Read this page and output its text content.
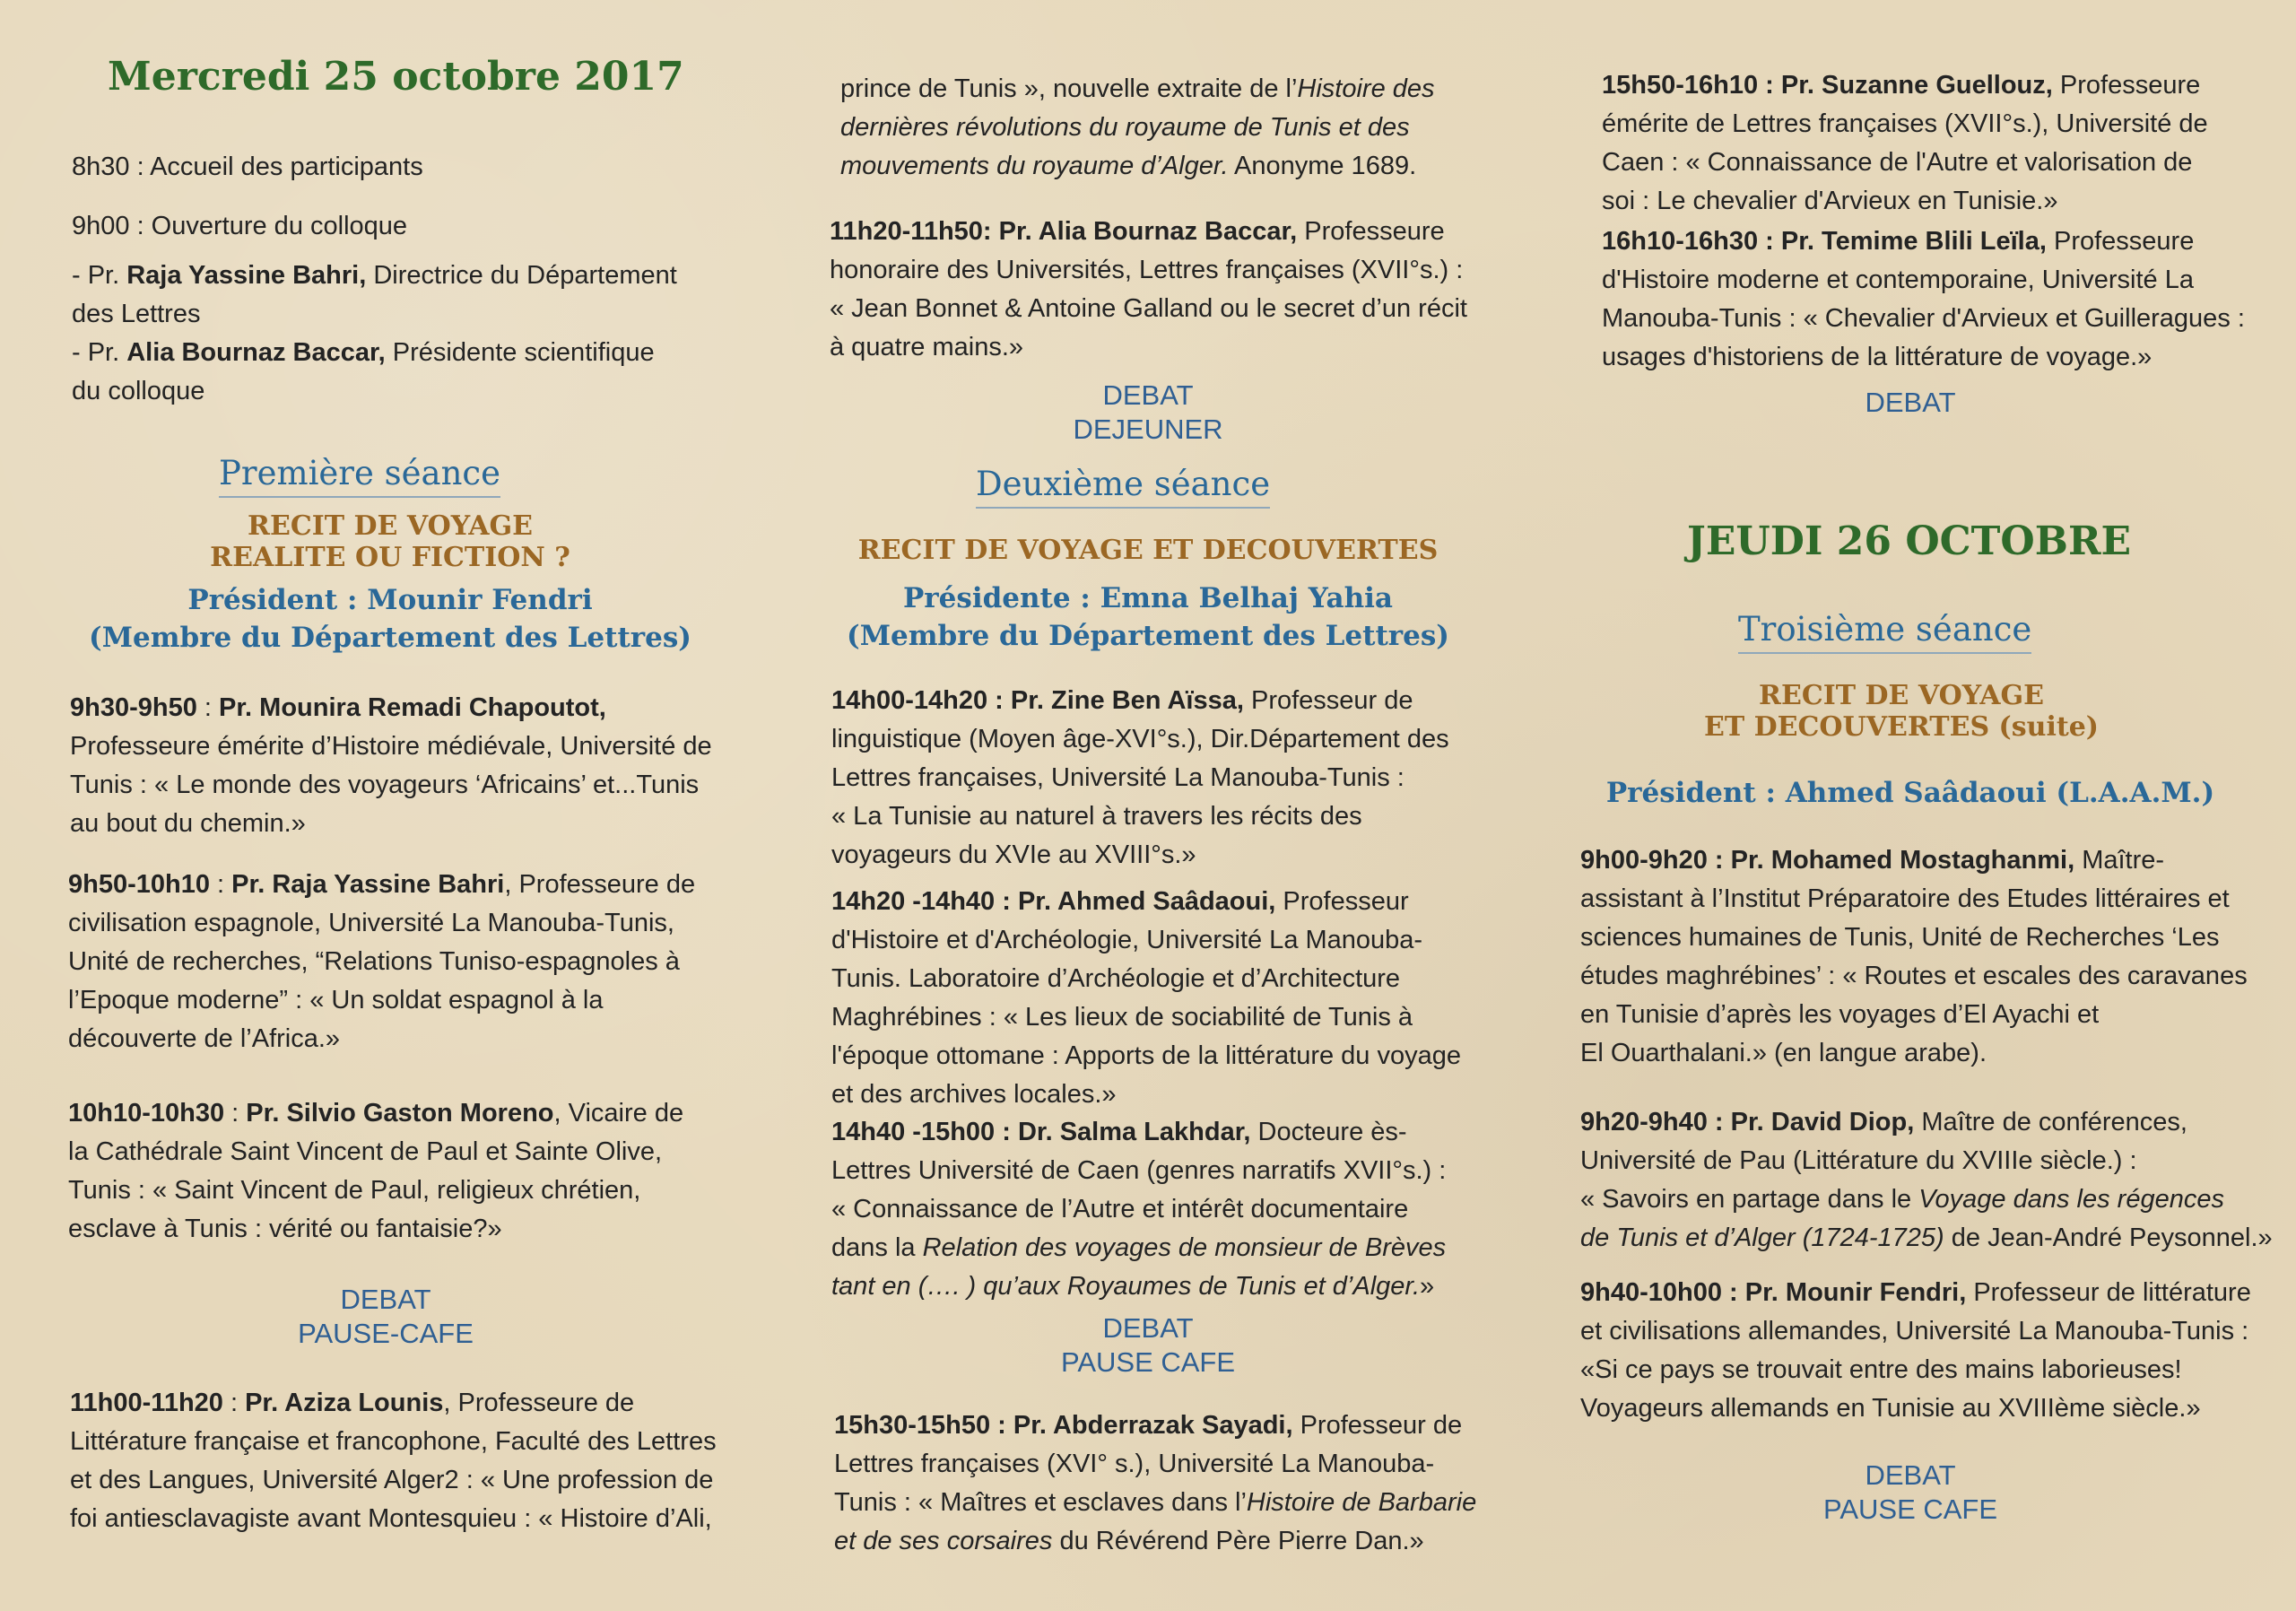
Mercredi 25 octobre 2017

8h30 : Accueil des participants

9h00 : Ouverture du colloque

- Pr. Raja Yassine Bahri, Directrice du Département
des Lettres
- Pr. Alia Bournaz Baccar, Présidente scientifique
du colloque

Première séance
RECIT DE VOYAGE
REALITE OU FICTION ?
Président : Mounir Fendri
(Membre du Département des Lettres)

9h30-9h50 : Pr. Mounira Remadi Chapoutot,
Professeure émérite d’Histoire médiévale, Université de
Tunis : « Le monde des voyageurs ‘Africains’ et...Tunis
au bout du chemin.»

9h50-10h10 : Pr. Raja Yassine Bahri, Professeure de
civilisation espagnole, Université La Manouba-Tunis,
Unité de recherches, “Relations Tuniso-espagnoles à
l’Epoque moderne” : « Un soldat espagnol à la
découverte de l’Africa.»

10h10-10h30 : Pr. Silvio Gaston Moreno, Vicaire de
la Cathédrale Saint Vincent de Paul et Sainte Olive,
Tunis : « Saint Vincent de Paul, religieux chrétien,
esclave à Tunis : vérité ou fantaisie?»

DEBAT
PAUSE-CAFE

11h00-11h20 : Pr. Aziza Lounis, Professeure de
Littérature française et francophone, Faculté des Lettres
et des Langues, Université Alger2 : « Une profession de
foi antiesclavagiste avant Montesquieu : « Histoire d’Ali,

prince de Tunis », nouvelle extraite de l’Histoire des
dernières révolutions du royaume de Tunis et des
mouvements du royaume d’Alger. Anonyme 1689.

11h20-11h50: Pr. Alia Bournaz Baccar, Professeure
honoraire des Universités, Lettres françaises (XVII°s.) :
« Jean Bonnet & Antoine Galland ou le secret d’un récit
à quatre mains.»

DEBAT
DEJEUNER
Deuxième séance
RECIT DE VOYAGE ET DECOUVERTES
Présidente : Emna Belhaj Yahia
(Membre du Département des Lettres)

14h00-14h20 : Pr. Zine Ben Aïssa, Professeur de
linguistique (Moyen âge-XVI°s.), Dir.Département des
Lettres françaises, Université La Manouba-Tunis :
« La Tunisie au naturel à travers les récits des
voyageurs du XVIe au XVIII°s.»

14h20 -14h40 : Pr. Ahmed Saâdaoui, Professeur
d'Histoire et d'Archéologie, Université La Manouba-
Tunis. Laboratoire d’Archéologie et d’Architecture
Maghrébines : « Les lieux de sociabilité de Tunis à
l'époque ottomane : Apports de la littérature du voyage
et des archives locales.»

14h40 -15h00 : Dr. Salma Lakhdar, Docteure ès-
Lettres Université de Caen (genres narratifs XVII°s.) :
« Connaissance de l’Autre et intérêt documentaire
dans la Relation des voyages de monsieur de Brèves
tant en (…. ) qu’aux Royaumes de Tunis et d’Alger.»

DEBAT
PAUSE CAFE

15h30-15h50 : Pr. Abderrazak Sayadi, Professeur de
Lettres françaises (XVI° s.), Université La Manouba-
Tunis : « Maîtres et esclaves dans l’Histoire de Barbarie
et de ses corsaires du Révérend Père Pierre Dan.»

15h50-16h10 : Pr. Suzanne Guellouz, Professeure
émérite de Lettres françaises (XVII°s.), Université de
Caen : « Connaissance de l'Autre et valorisation de
soi : Le chevalier d'Arvieux en Tunisie.»

16h10-16h30 : Pr. Temime Blili Leïla, Professeure
d'Histoire moderne et contemporaine, Université La
Manouba-Tunis : « Chevalier d'Arvieux et Guilleragues :
usages d'historiens de la littérature de voyage.»

DEBAT
JEUDI 26 OCTOBRE
Troisième séance
RECIT DE VOYAGE
ET DECOUVERTES (suite)
Président : Ahmed Saâdaoui (L.A.A.M.)

9h00-9h20 : Pr. Mohamed Mostaghanmi, Maître-
assistant à l’Institut Préparatoire des Etudes littéraires et
sciences humaines de Tunis, Unité de Recherches ‘Les
études maghrébines’ : « Routes et escales des caravanes
en Tunisie d’après les voyages d’El Ayachi et
El Ouarthalani.» (en langue arabe).

9h20-9h40 : Pr. David Diop, Maître de conférences,
Université de Pau (Littérature du XVIIIe siècle.) :
« Savoirs en partage dans le Voyage dans les régences
de Tunis et d’Alger (1724-1725) de Jean-André Peysonnel.»

9h40-10h00 : Pr. Mounir Fendri, Professeur de littérature
et civilisations allemandes, Université La Manouba-Tunis :
«Si ce pays se trouvait entre des mains laborieuses!
Voyageurs allemands en Tunisie au XVIIIème siècle.»

DEBAT
PAUSE CAFE
